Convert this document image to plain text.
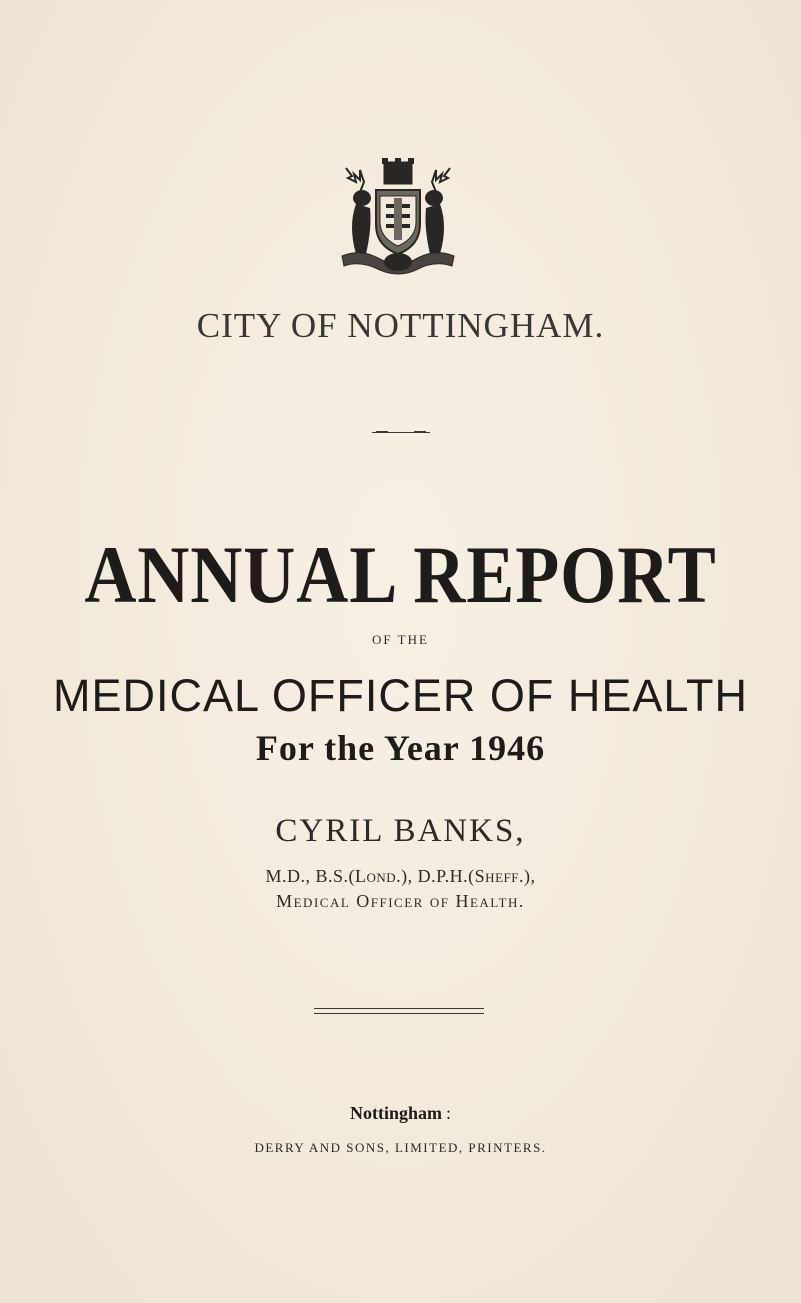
CITY OF NOTTINGHAM.
ANNUAL REPORT
OF THE
MEDICAL OFFICER OF HEALTH
For the Year 1946
CYRIL BANKS,
M.D., B.S.(Lond.), D.P.H.(Sheff.),
Medical Officer of Health.
Nottingham :
DERRY AND SONS, LIMITED, PRINTERS.
